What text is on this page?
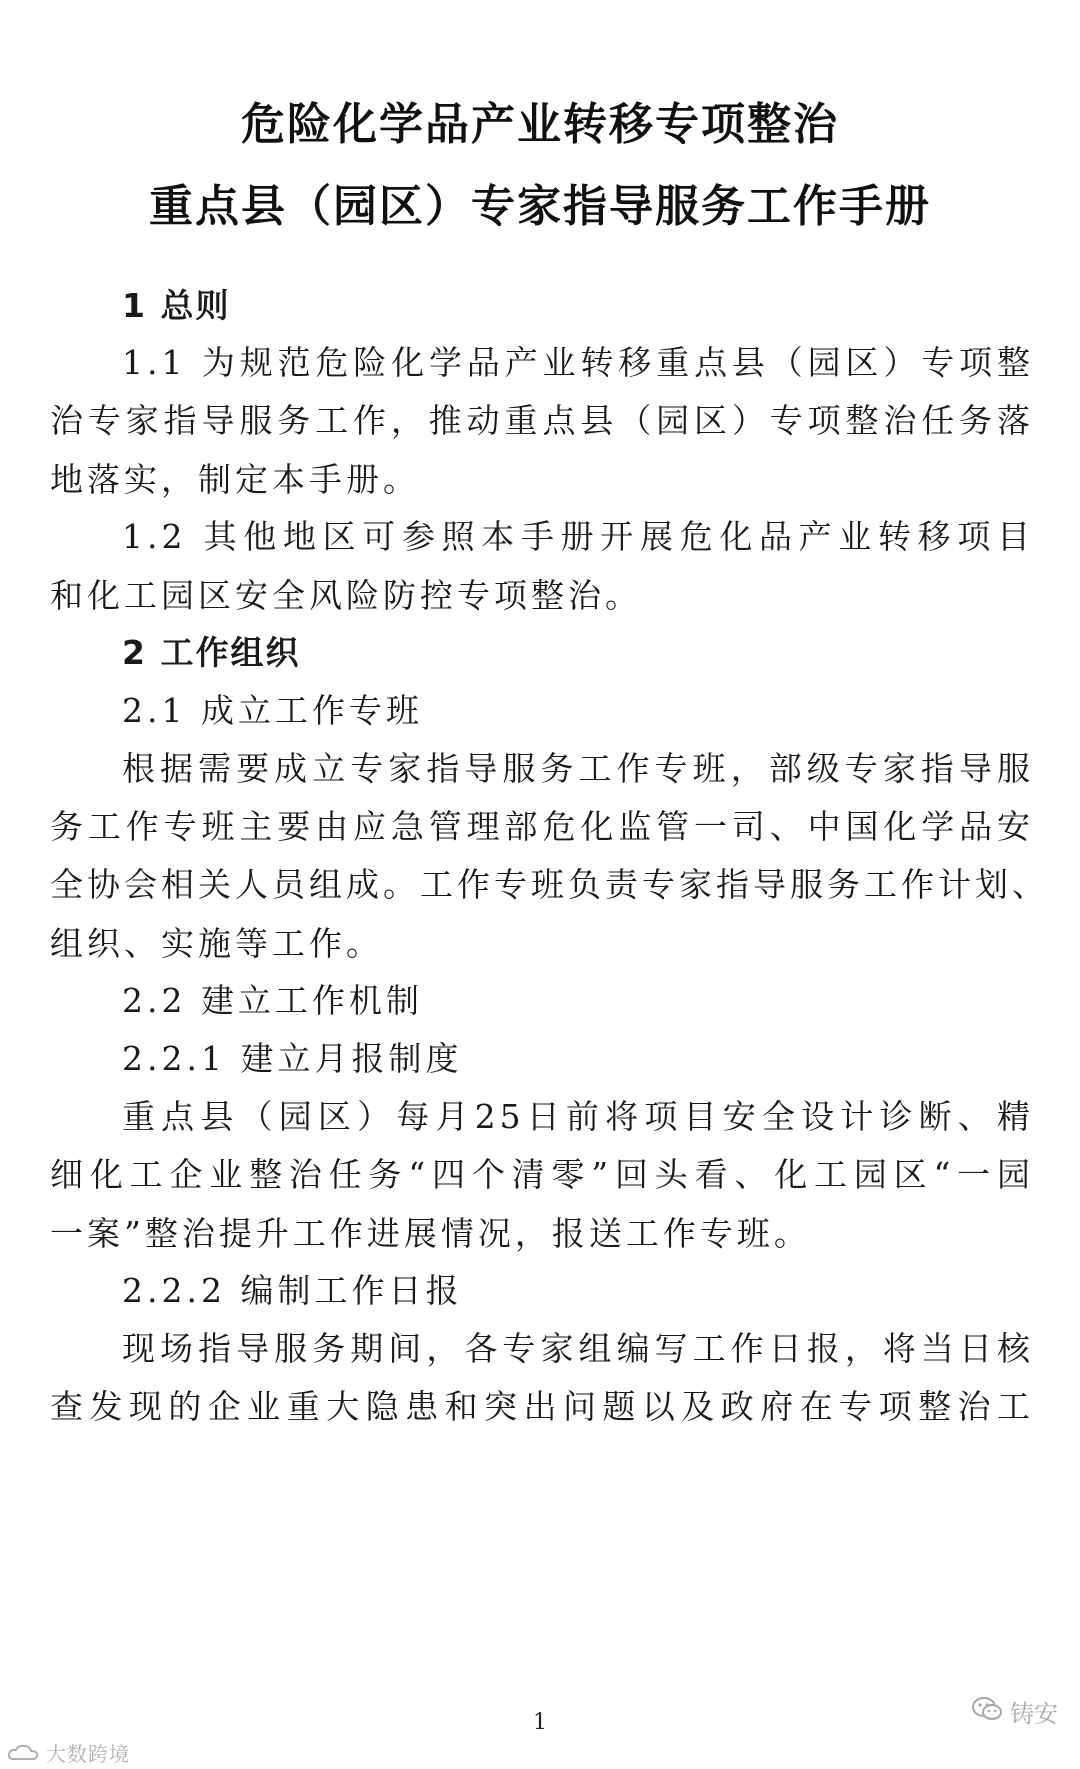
危险化学品产业转移专项整治
重点县（园区）专家指导服务工作手册
1 总则
1.1 为规范危险化学品产业转移重点县（园区）专项整
治专家指导服务工作，推动重点县（园区）专项整治任务落
地落实，制定本手册。
1.2 其他地区可参照本手册开展危化品产业转移项目
和化工园区安全风险防控专项整治。
2 工作组织
2.1 成立工作专班
根据需要成立专家指导服务工作专班，部级专家指导服
务工作专班主要由应急管理部危化监管一司、中国化学品安
全协会相关人员组成。工作专班负责专家指导服务工作计划、
组织、实施等工作。
2.2 建立工作机制
2.2.1 建立月报制度
重点县（园区）每月25日前将项目安全设计诊断、精
细化工企业整治任务“四个清零”回头看、化工园区“一园
一案”整治提升工作进展情况，报送工作专班。
2.2.2 编制工作日报
现场指导服务期间，各专家组编写工作日报，将当日核
查发现的企业重大隐患和突出问题以及政府在专项整治工
1	铸安
大数跨境
